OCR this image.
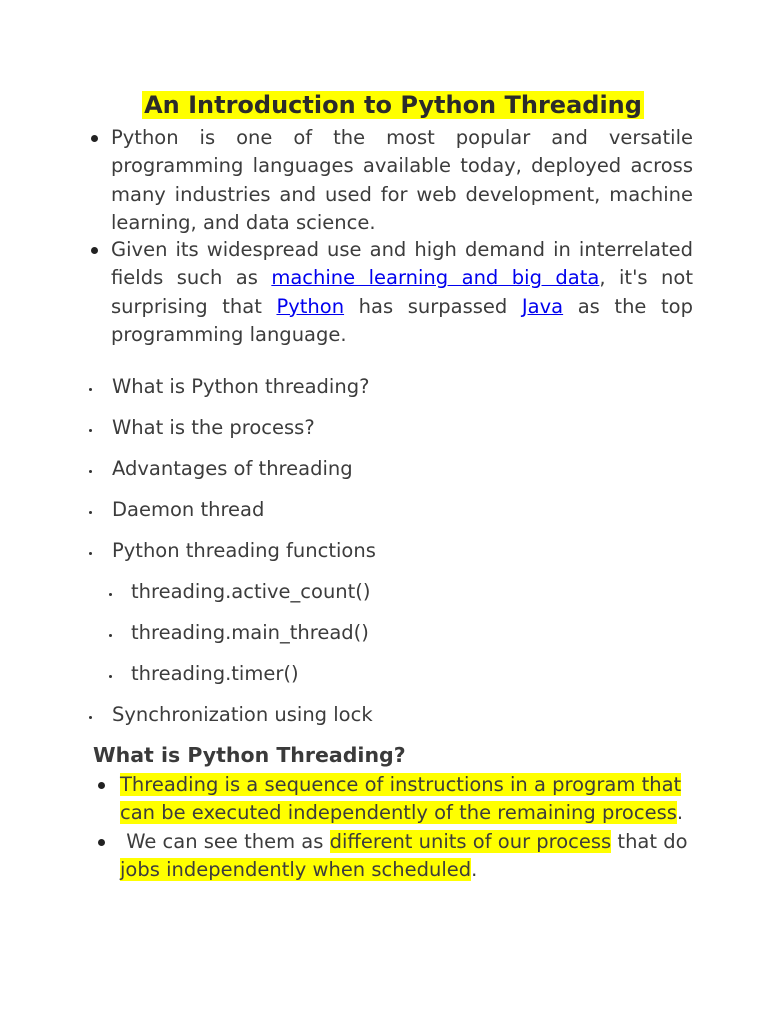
An Introduction to Python Threading
Python is one of the most popular and versatile programming languages available today, deployed across many industries and used for web development, machine learning, and data science.
Given its widespread use and high demand in interrelated fields such as machine learning and big data, it's not surprising that Python has surpassed Java as the top programming language.
What is Python threading?
What is the process?
Advantages of threading
Daemon thread
Python threading functions
threading.active_count()
threading.main_thread()
threading.timer()
Synchronization using lock
What is Python Threading?
Threading is a sequence of instructions in a program that can be executed independently of the remaining process.
We can see them as different units of our process that do jobs independently when scheduled.
